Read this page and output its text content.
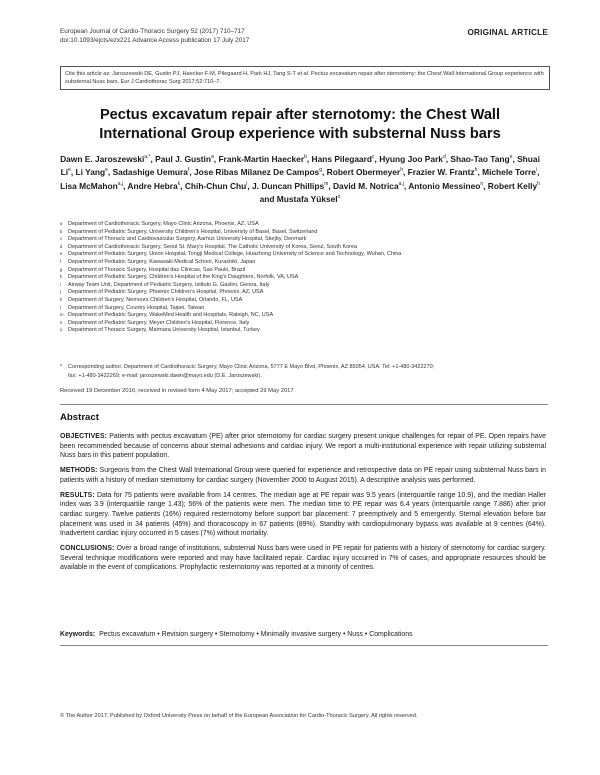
European Journal of Cardio-Thoracic Surgery 52 (2017) 710–717
doi:10.1093/ejcts/ezx221 Advance Access publication 17 July 2017
ORIGINAL ARTICLE
Cite this article as: Jaroszewski DE, Gustin PJ, Haecker F-M, Pilegaard H, Park HJ, Tang S-T et al. Pectus excavatum repair after sternotomy: the Chest Wall International Group experience with substernal Nuss bars. Eur J Cardiothorac Surg 2017;52:710–7.
Pectus excavatum repair after sternotomy: the Chest Wall
International Group experience with substernal Nuss bars
Dawn E. Jaroszewski$^{a,*}$, Paul J. Gustin$^a$, Frank-Martin Haecker$^b$, Hans Pilegaard$^c$, Hyung Joo Park$^d$, Shao-Tao Tang$^e$, Shuai Li$^e$, Li Yang$^e$, Sadashige Uemura$^f$, Jose Ribas Milanez De Campos$^g$, Robert Obermeyer$^h$, Frazier W. Frantz$^h$, Michele Torre$^i$, Lisa McMahon$^{a,j}$, Andre Hebra$^k$, Chih-Chun Chu$^l$, J. Duncan Phillips$^m$, David M. Notrica$^{a,j}$, Antonio Messineo$^n$, Robert Kelly$^h$ and Mustafa Yüksel$^o$
a Department of Cardiothoracic Surgery, Mayo Clinic Arizona, Phoenix, AZ, USA
b Department of Pediatric Surgery, University Children's Hospital, University of Basel, Basel, Switzerland
c Department of Thoracic and Cardiovascular Surgery, Aarhus University Hospital, Skejby, Denmark
d Department of Cardiothoracic Surgery, Seoul St. Mary's Hospital, The Catholic University of Korea, Seoul, South Korea
e Department of Pediatric Surgery, Union Hospital, Tongji Medical College, Huazhong University of Science and Technology, Wuhan, China
f Department of Pediatric Surgery, Kawasaki Medical School, Kurashiki, Japan
g Department of Thoracic Surgery, Hospital das Clinicas, Sao Paulo, Brazil
h Department of Pediatric Surgery, Children's Hospital of the King's Daughters, Norfolk, VA, USA
i Airway Team Unit, Department of Pediatric Surgery, Istituto G. Gaslini, Genoa, Italy
j Department of Pediatric Surgery, Phoenix Children's Hospital, Phoenix, AZ, USA
k Department of Surgery, Nemours Children's Hospital, Orlando, FL, USA
l Department of Surgery, Country Hospital, Taipei, Taiwan
m Department of Pediatric Surgery, WakeMed Health and Hospitals, Raleigh, NC, USA
n Department of Pediatric Surgery, Meyer Children's Hospital, Florence, Italy
o Department of Thoracic Surgery, Marmara University Hospital, Istanbul, Turkey
*	Corresponding author. Department of Cardiothoracic Surgery, Mayo Clinic Arizona, 5777 E Mayo Blvd, Phoenix, AZ 85054, USA. Tel: +1-480-3422270;
fax: +1-480-3422269; e-mail: jaroszewski.dawn@mayo.edu (D.E. Jaroszewski).
Received 19 December 2016; received in revised form 4 May 2017; accepted 29 May 2017
Abstract

OBJECTIVES: Patients with pectus excavatum (PE) after prior sternotomy for cardiac surgery present unique challenges for repair of PE. Open repairs have been recommended because of concerns about sternal adhesions and cardiac injury. We report a multi-institutional experience with repair utilizing substernal Nuss bars in this patient population.

METHODS: Surgeons from the Chest Wall International Group were queried for experience and retrospective data on PE repair using substernal Nuss bars in patients with a history of median sternotomy for cardiac surgery (November 2000 to August 2015). A descriptive analysis was performed.

RESULTS: Data for 75 patients were available from 14 centres. The median age at PE repair was 9.5 years (interquartile range 10.9), and the median Haller index was 3.9 (interquartile range 1.43); 56% of the patients were men. The median time to PE repair was 6.4 years (interquartile range 7.886) after prior cardiac surgery. Twelve patients (16%) required resternotomy before support bar placement: 7 preemptively and 5 emergently. Sternal elevation before bar placement was used in 34 patients (45%) and thoracoscopy in 67 patients (89%). Standby with cardiopulmonary bypass was available at 9 centres (64%). Inadvertent cardiac injury occurred in 5 cases (7%) without mortality.

CONCLUSIONS: Over a broad range of institutions, substernal Nuss bars were used in PE repair for patients with a history of sternotomy for cardiac surgery. Several technique modifications were reported and may have facilitated repair. Cardiac injury occurred in 7% of cases, and appropriate resources should be available in the event of complications. Prophylactic resternotomy was reported at a minority of centres.

Keywords: Pectus excavatum • Revision surgery • Sternotomy • Minimally invasive surgery • Nuss • Complications
© The Author 2017. Published by Oxford University Press on behalf of the European Association for Cardio-Thoracic Surgery. All rights reserved.
